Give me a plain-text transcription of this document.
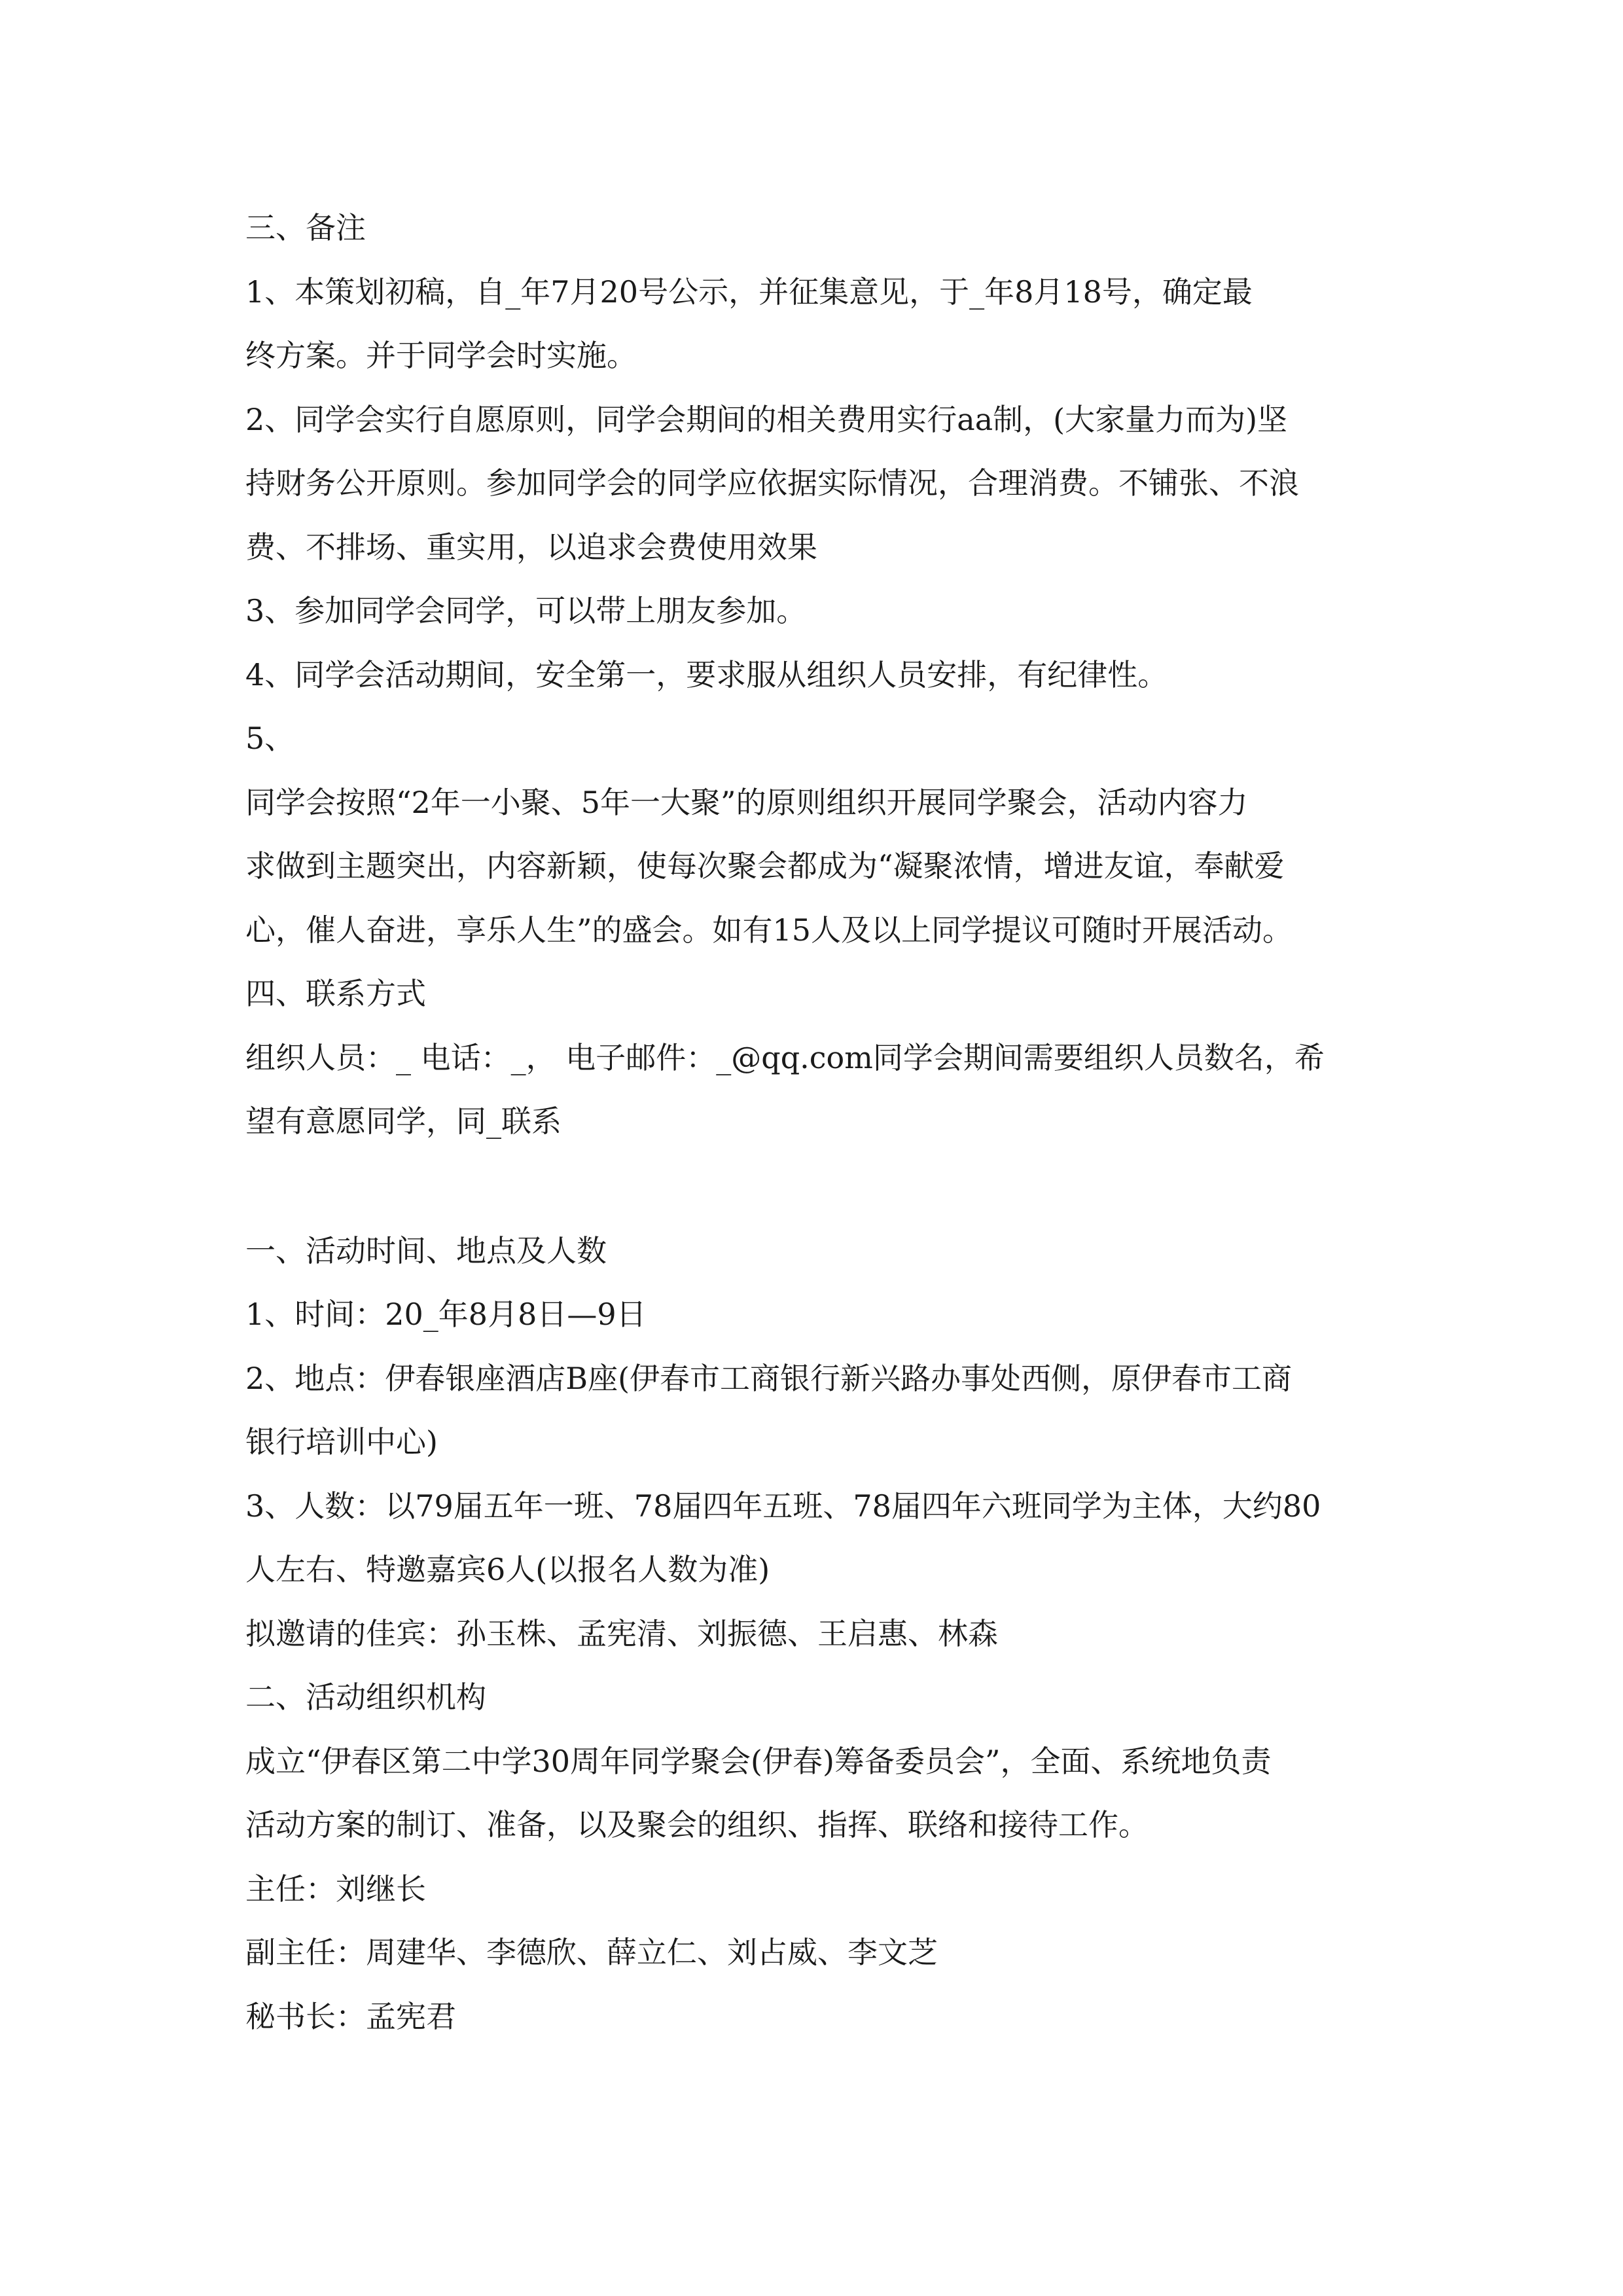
三、备注

1、本策划初稿，自_年7月20号公示，并征集意见，于_年8月18号，确定最

终方案。并于同学会时实施。

2、同学会实行自愿原则，同学会期间的相关费用实行aa制，(大家量力而为)坚

持财务公开原则。参加同学会的同学应依据实际情况，合理消费。不铺张、不浪

费、不排场、重实用，以追求会费使用效果

3、参加同学会同学，可以带上朋友参加。

4、同学会活动期间，安全第一，要求服从组织人员安排，有纪律性。

5、

同学会按照“2年一小聚、5年一大聚”的原则组织开展同学聚会，活动内容力

求做到主题突出，内容新颖，使每次聚会都成为“凝聚浓情，增进友谊，奉献爱

心，催人奋进，享乐人生”的盛会。如有15人及以上同学提议可随时开展活动。

四、联系方式

组织人员：_ 电话：_， 电子邮件：_@qq.com同学会期间需要组织人员数名，希

望有意愿同学，同_联系

一、活动时间、地点及人数

1、时间：20_年8月8日—9日

2、地点：伊春银座酒店B座(伊春市工商银行新兴路办事处西侧，原伊春市工商

银行培训中心)

3、人数：以79届五年一班、78届四年五班、78届四年六班同学为主体，大约80

人左右、特邀嘉宾6人(以报名人数为准)

拟邀请的佳宾：孙玉株、孟宪清、刘振德、王启惠、林森

二、活动组织机构

成立“伊春区第二中学30周年同学聚会(伊春)筹备委员会”，全面、系统地负责

活动方案的制订、准备，以及聚会的组织、指挥、联络和接待工作。

主任：刘继长

副主任：周建华、李德欣、薛立仁、刘占威、李文芝

秘书长：孟宪君
